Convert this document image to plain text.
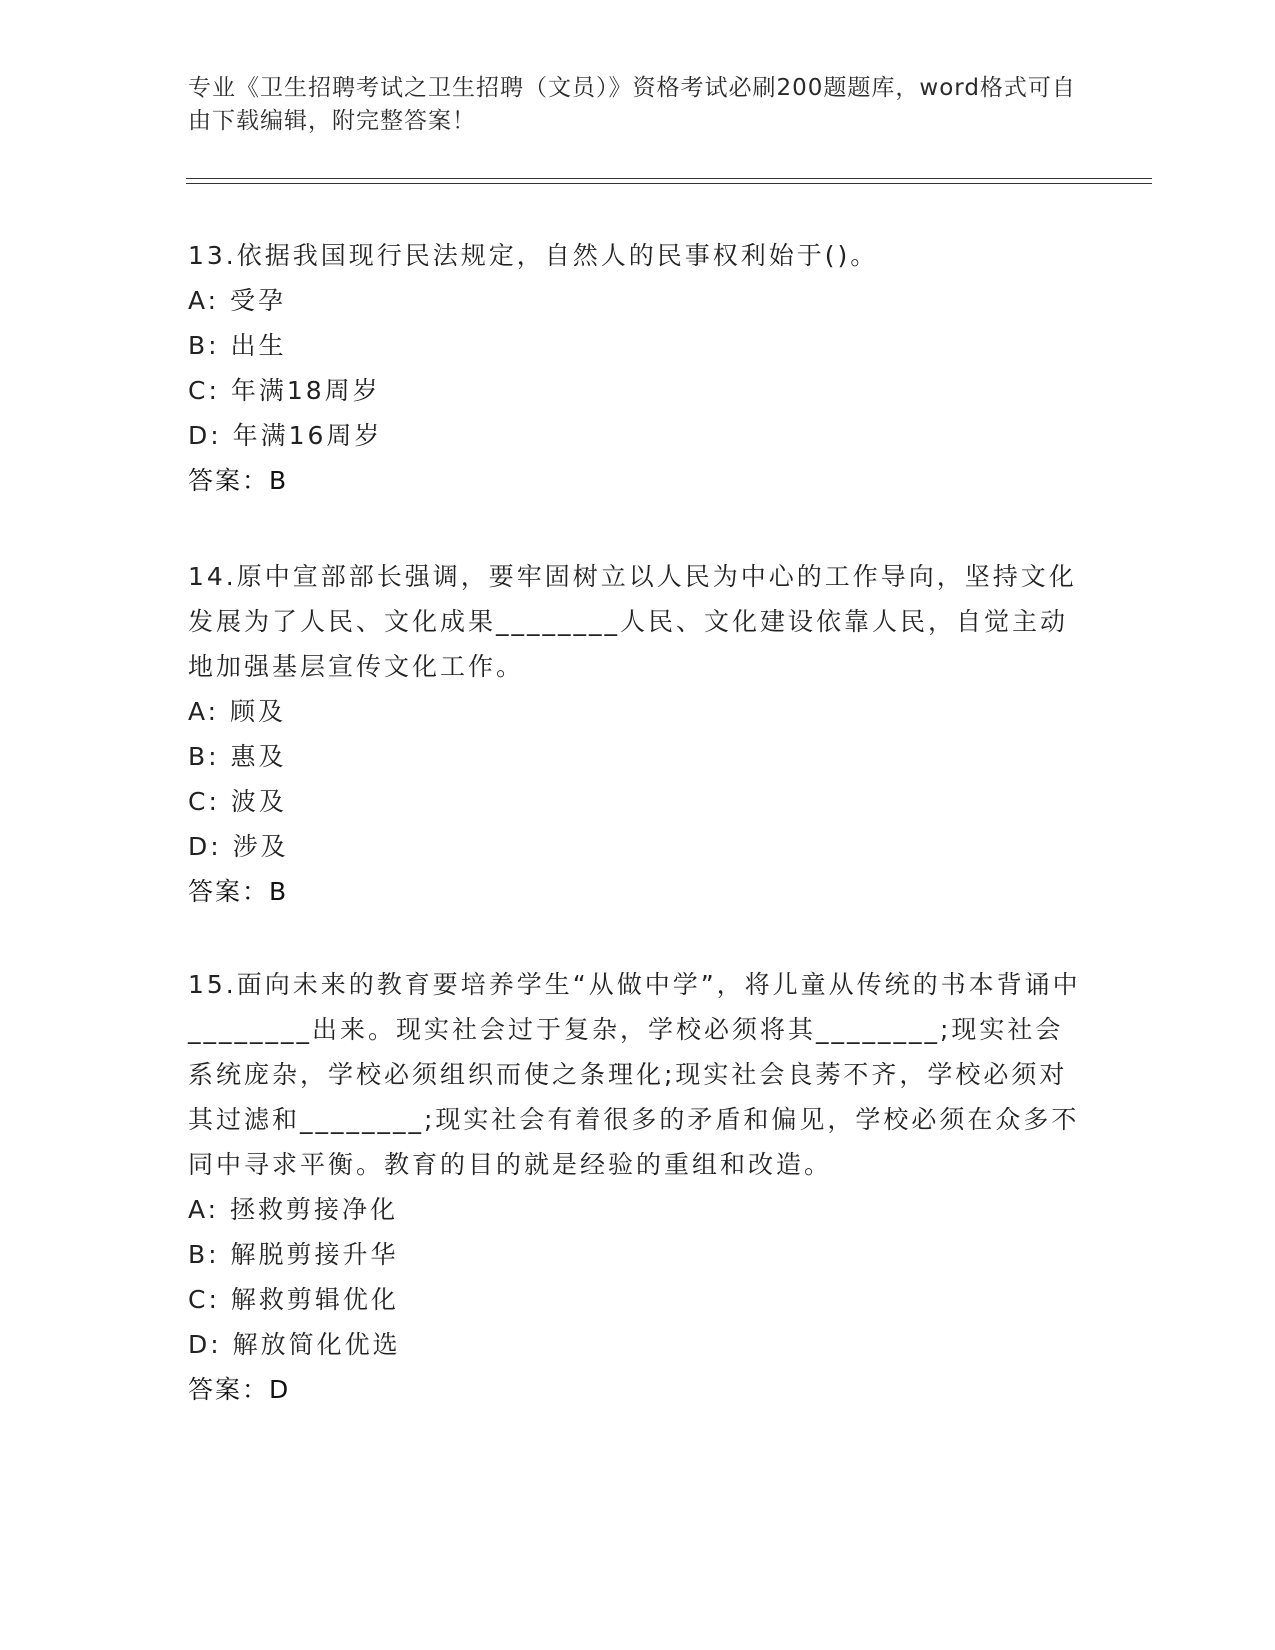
专业《卫生招聘考试之卫生招聘（文员）》资格考试必刷200题题库，word格式可自由下载编辑，附完整答案！

13.依据我国现行民法规定，自然人的民事权利始于()。

A: 受孕
B: 出生
C: 年满18周岁
D: 年满16周岁
答案：B

14.原中宣部部长强调，要牢固树立以人民为中心的工作导向，坚持文化发展为了人民、文化成果________人民、文化建设依靠人民，自觉主动地加强基层宣传文化工作。

A: 顾及
B: 惠及
C: 波及
D: 涉及
答案：B

15.面向未来的教育要培养学生“从做中学”，将儿童从传统的书本背诵中________出来。现实社会过于复杂，学校必须将其________;现实社会系统庞杂，学校必须组织而使之条理化;现实社会良莠不齐，学校必须对其过滤和________;现实社会有着很多的矛盾和偏见，学校必须在众多不同中寻求平衡。教育的目的就是经验的重组和改造。

A: 拯救剪接净化
B: 解脱剪接升华
C: 解救剪辑优化
D: 解放简化优选
答案：D
